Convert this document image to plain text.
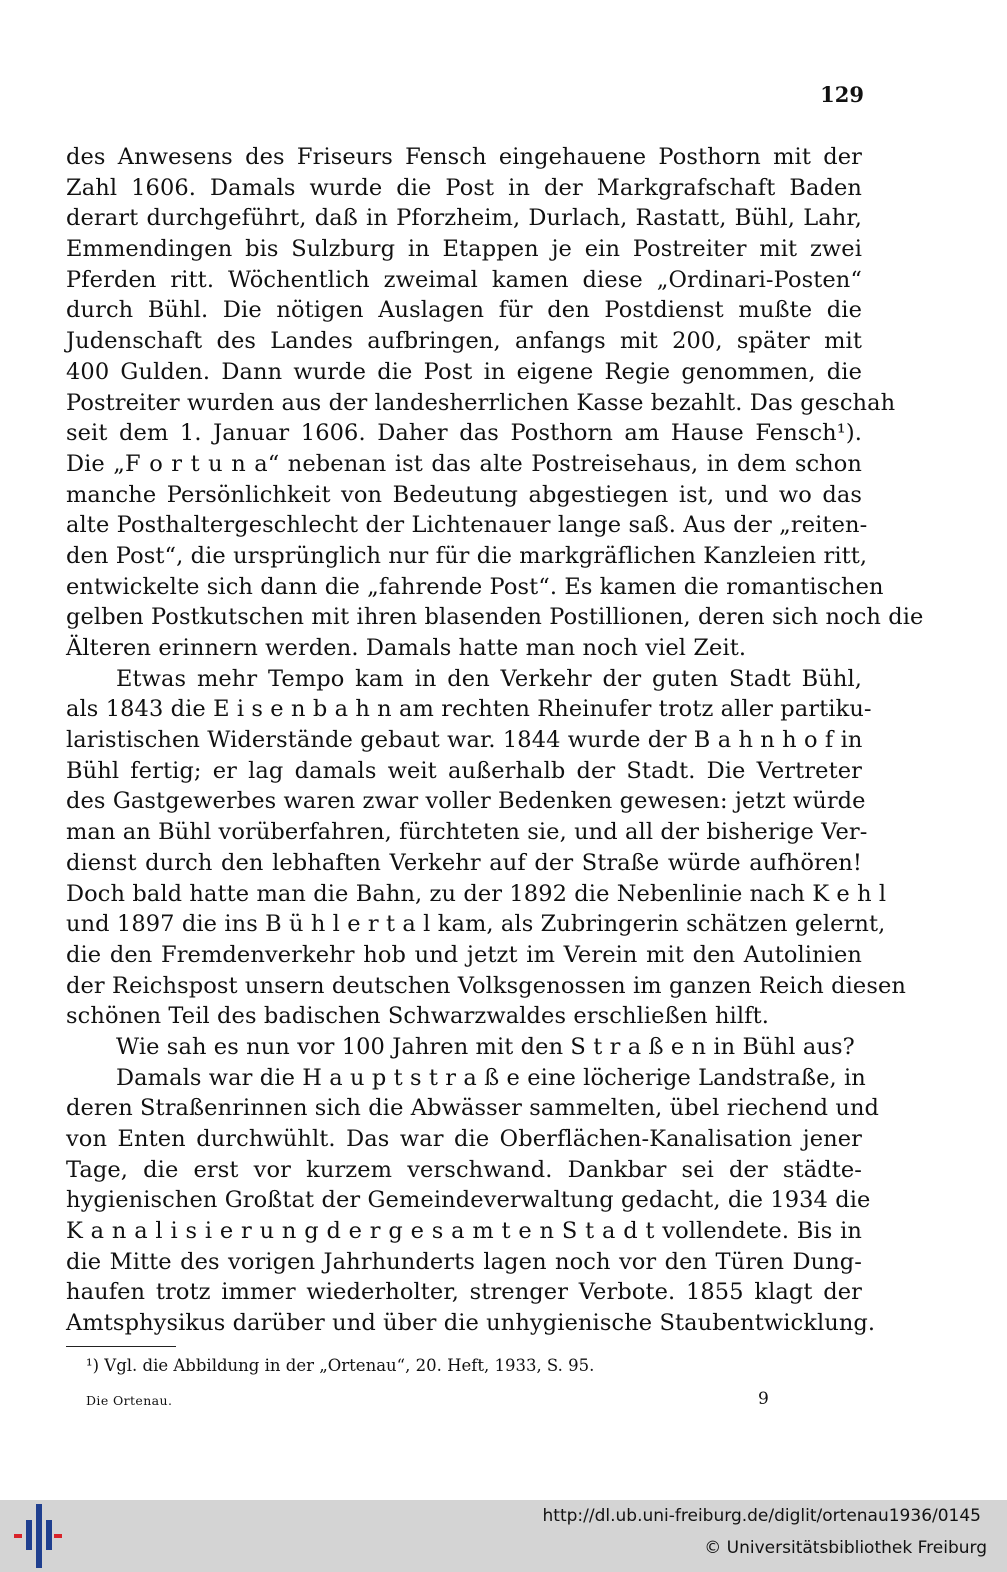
129
des Anwesens des Friseurs Fensch eingehauene Posthorn mit der
Zahl 1606. Damals wurde die Post in der Markgrafschaft Baden
derart durchgeführt, daß in Pforzheim, Durlach, Rastatt, Bühl, Lahr,
Emmendingen bis Sulzburg in Etappen je ein Postreiter mit zwei
Pferden ritt. Wöchentlich zweimal kamen diese „Ordinari-Posten“
durch Bühl. Die nötigen Auslagen für den Postdienst mußte die
Judenschaft des Landes aufbringen, anfangs mit 200, später mit
400 Gulden. Dann wurde die Post in eigene Regie genommen, die
Postreiter wurden aus der landesherrlichen Kasse bezahlt. Das geschah
seit dem 1. Januar 1606. Daher das Posthorn am Hause Fensch¹).
Die „F o r t u n a“ nebenan ist das alte Postreisehaus, in dem schon
manche Persönlichkeit von Bedeutung abgestiegen ist, und wo das
alte Posthaltergeschlecht der Lichtenauer lange saß. Aus der „reiten-
den Post“, die ursprünglich nur für die markgräflichen Kanzleien ritt,
entwickelte sich dann die „fahrende Post“. Es kamen die romantischen
gelben Postkutschen mit ihren blasenden Postillionen, deren sich noch die
Älteren erinnern werden. Damals hatte man noch viel Zeit.
Etwas mehr Tempo kam in den Verkehr der guten Stadt Bühl,
als 1843 die E i s e n b a h n am rechten Rheinufer trotz aller partiku-
laristischen Widerstände gebaut war. 1844 wurde der B a h n h o f in
Bühl fertig; er lag damals weit außerhalb der Stadt. Die Vertreter
des Gastgewerbes waren zwar voller Bedenken gewesen: jetzt würde
man an Bühl vorüberfahren, fürchteten sie, und all der bisherige Ver-
dienst durch den lebhaften Verkehr auf der Straße würde aufhören!
Doch bald hatte man die Bahn, zu der 1892 die Nebenlinie nach K e h l
und 1897 die ins B ü h l e r t a l kam, als Zubringerin schätzen gelernt,
die den Fremdenverkehr hob und jetzt im Verein mit den Autolinien
der Reichspost unsern deutschen Volksgenossen im ganzen Reich diesen
schönen Teil des badischen Schwarzwaldes erschließen hilft.
Wie sah es nun vor 100 Jahren mit den S t r a ß e n in Bühl aus?
Damals war die H a u p t s t r a ß e eine löcherige Landstraße, in
deren Straßenrinnen sich die Abwässer sammelten, übel riechend und
von Enten durchwühlt. Das war die Oberflächen-Kanalisation jener
Tage, die erst vor kurzem verschwand. Dankbar sei der städte-
hygienischen Großtat der Gemeindeverwaltung gedacht, die 1934 die
K a n a l i s i e r u n g d e r g e s a m t e n S t a d t vollendete. Bis in
die Mitte des vorigen Jahrhunderts lagen noch vor den Türen Dung-
haufen trotz immer wiederholter, strenger Verbote. 1855 klagt der
Amtsphysikus darüber und über die unhygienische Staubentwicklung.
¹) Vgl. die Abbildung in der „Ortenau“, 20. Heft, 1933, S. 95.
Die Ortenau.	9
http://dl.ub.uni-freiburg.de/diglit/ortenau1936/0145
© Universitätsbibliothek Freiburg
